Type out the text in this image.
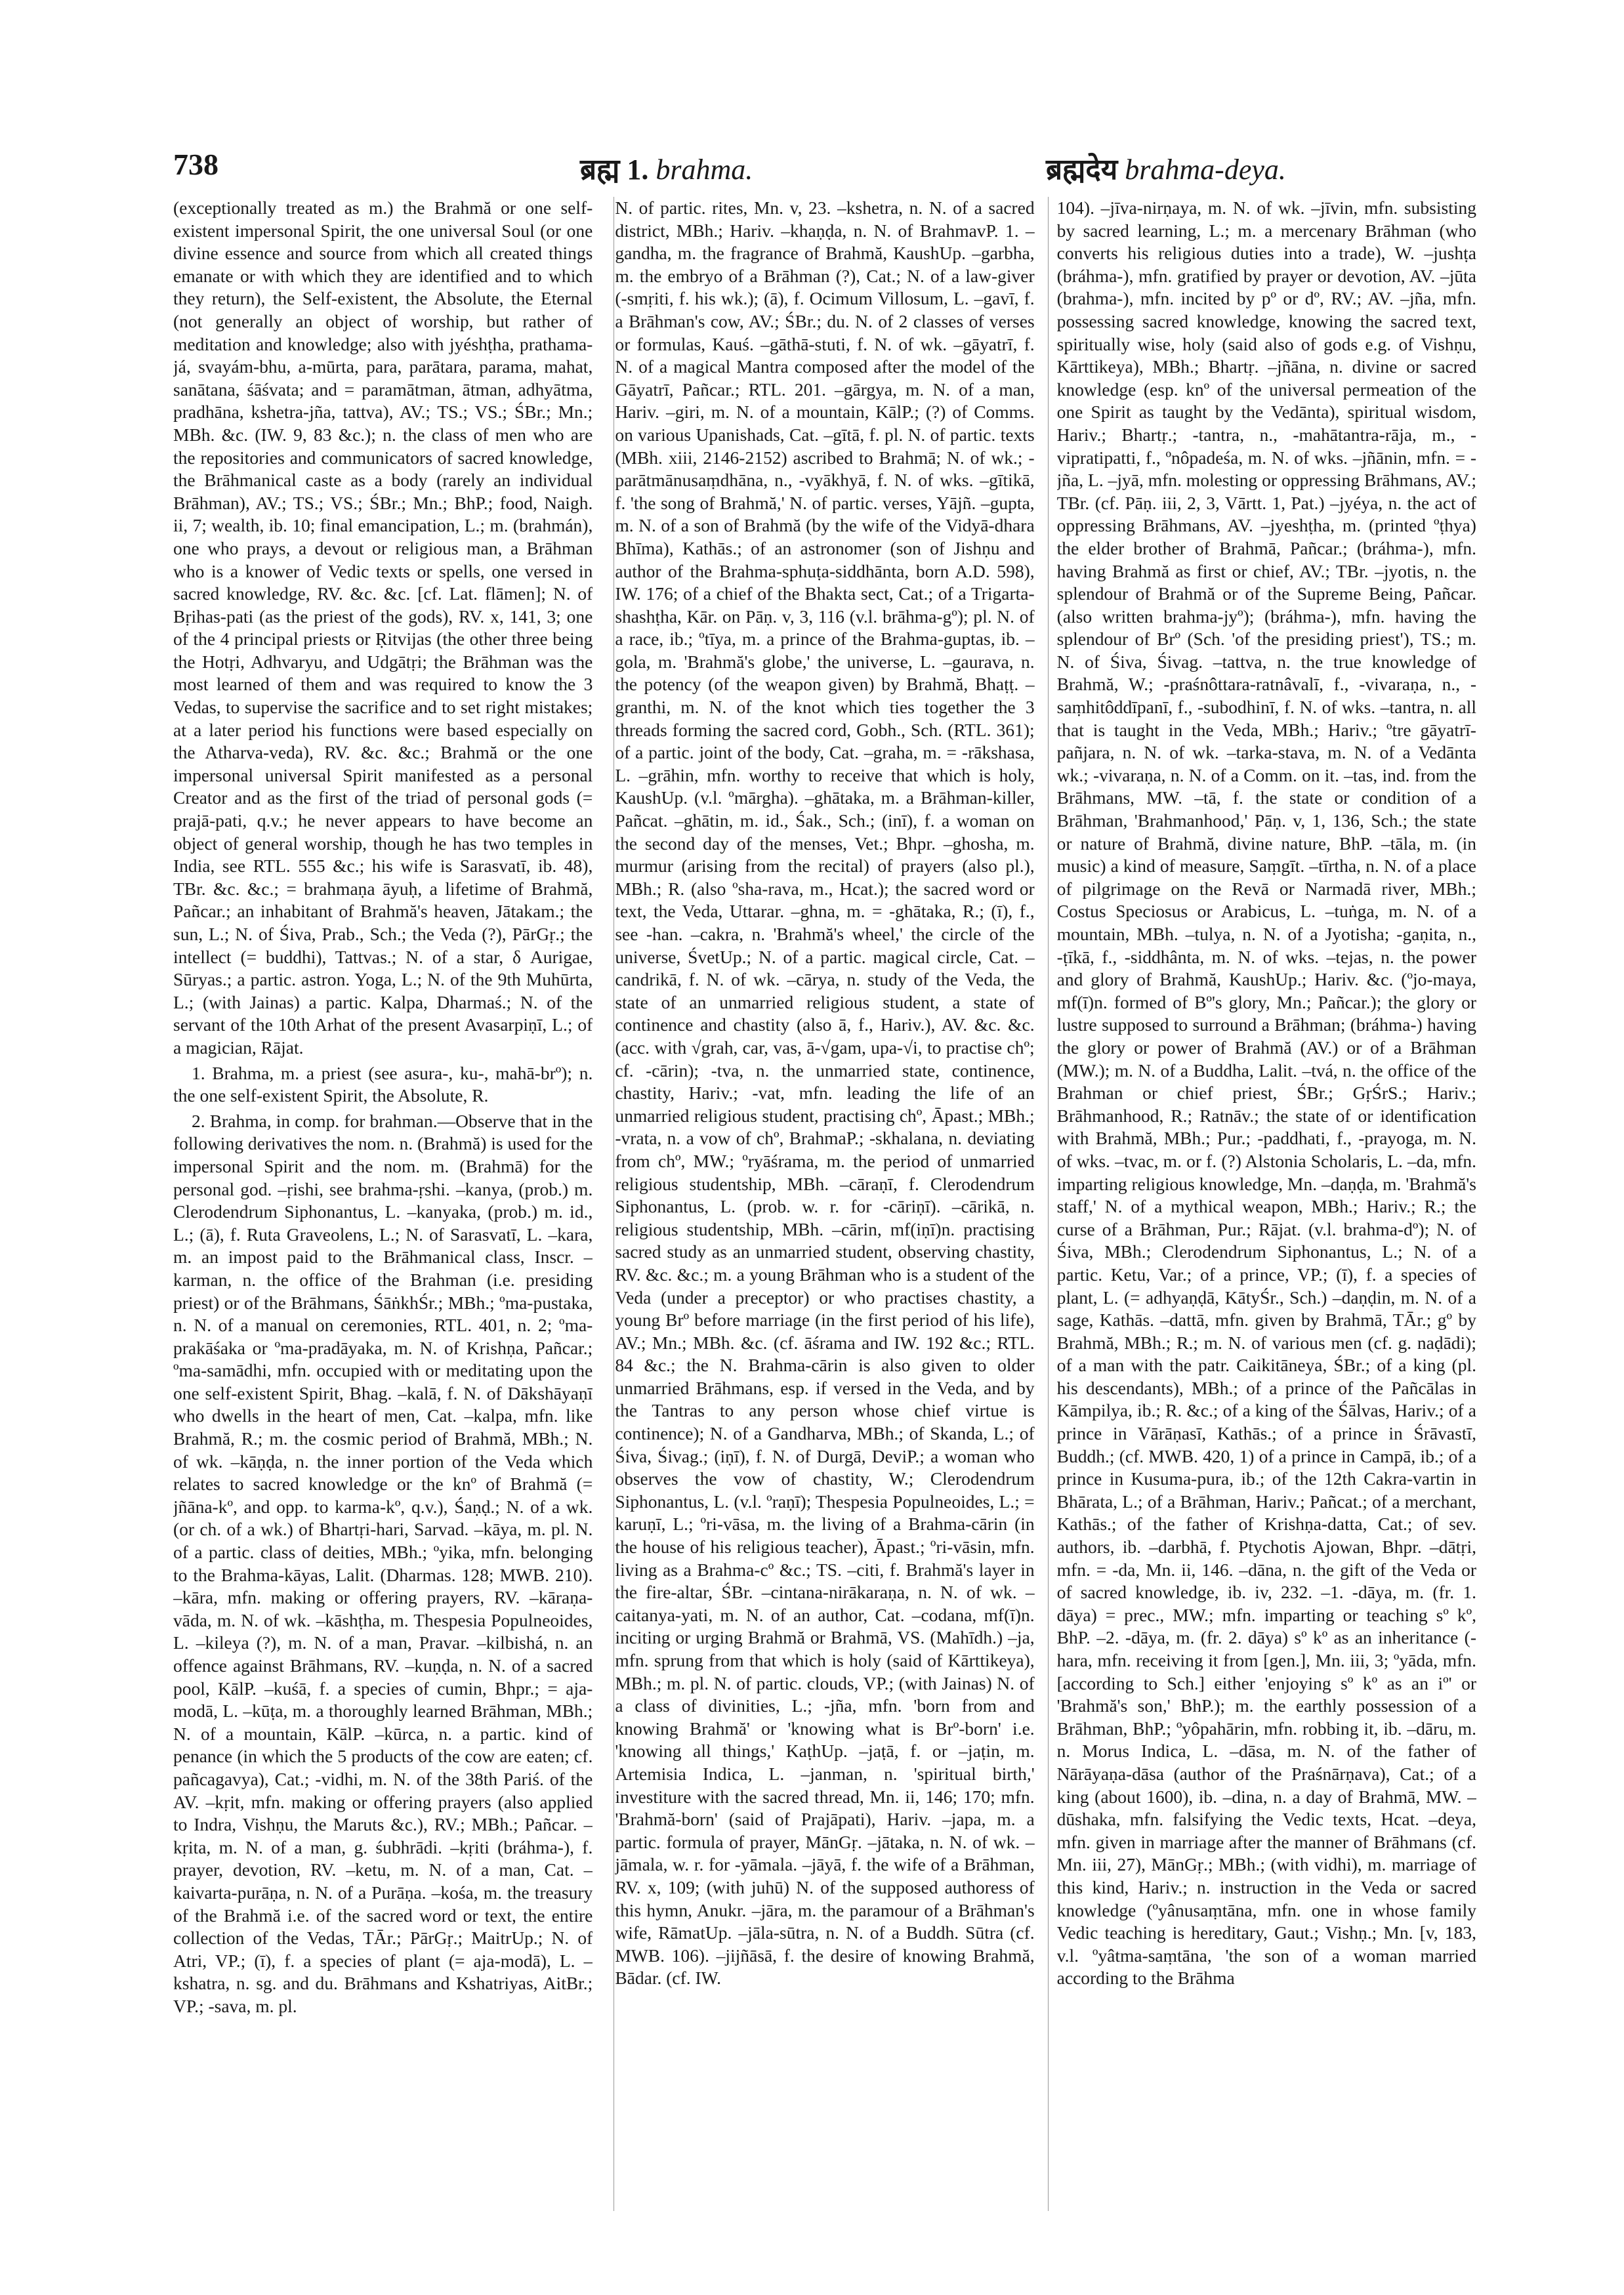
738	ब्रह्म 1. brahma.	ब्रह्मदेय brahma-deya.

(exceptionally treated as m.) the Brahmă or one self-existent impersonal Spirit, the one universal Soul (or one divine essence and source from which all created things emanate or with which they are identified and to which they return), the Self-existent, the Absolute, the Eternal (not generally an object of worship, but rather of meditation and knowledge; also with jyéshṭha, prathama-já, svayám-bhu, a-mūrta, para, parātara, parama, mahat, sanātana, śāśvata; and = paramātman, ātman, adhyātma, pradhāna, kshetra-jña, tattva), AV.; TS.; VS.; ŚBr.; Mn.; MBh. &c. (IW. 9, 83 &c.); n. the class of men who are the repositories and communicators of sacred knowledge, the Brāhmanical caste as a body (rarely an individual Brāhman), AV.; TS.; VS.; ŚBr.; Mn.; BhP.; food, Naigh. ii, 7; wealth, ib. 10; final emancipation, L.; m. (brahmán), one who prays, a devout or religious man, a Brāhman who is a knower of Vedic texts or spells, one versed in sacred knowledge, RV. &c. &c. [cf. Lat. flāmen]; N. of Bṛihas-pati (as the priest of the gods), RV. x, 141, 3; one of the 4 principal priests or Ṛitvijas (the other three being the Hotṛi, Adhvaryu, and Udgātṛi; the Brāhman was the most learned of them and was required to know the 3 Vedas, to supervise the sacrifice and to set right mistakes; at a later period his functions were based especially on the Atharva-veda), RV. &c. &c.; Brahmă or the one impersonal universal Spirit manifested as a personal Creator and as the first of the triad of personal gods (= prajā-pati, q.v.; he never appears to have become an object of general worship, though he has two temples in India, see RTL. 555 &c.; his wife is Sarasvatī, ib. 48), TBr. &c. &c.; = brahmaṇa āyuḥ, a lifetime of Brahmă, Pañcar.; an inhabitant of Brahmă's heaven, Jātakam.; the sun, L.; N. of Śiva, Prab., Sch.; the Veda (?), PārGṛ.; the intellect (= buddhi), Tattvas.; N. of a star, δ Aurigae, Sūryas.; a partic. astron. Yoga, L.; N. of the 9th Muhūrta, L.; (with Jainas) a partic. Kalpa, Dharmaś.; N. of the servant of the 10th Arhat of the present Avasarpiṇī, L.; of a magician, Rājat.

1. Brahma, m. a priest (see asura-, ku-, mahā-brº); n. the one self-existent Spirit, the Absolute, R.

2. Brahma, in comp. for brahman.—Observe that in the following derivatives the nom. n. (Brahmă) is used for the impersonal Spirit and the nom. m. (Brahmā) for the personal god. –ṛishi, see brahma-ṛshi. –kanya, (prob.) m. Clerodendrum Siphonantus, L. –kanyaka, (prob.) m. id., L.; (ā), f. Ruta Graveolens, L.; N. of Sarasvatī, L. –kara, m. an impost paid to the Brāhmanical class, Inscr. –karman, n. the office of the Brahman (i.e. presiding priest) or of the Brāhmans, ŚāṅkhŚr.; MBh.; ºma-pustaka, n. N. of a manual on ceremonies, RTL. 401, n. 2; ºma-prakāśaka or ºma-pradāyaka, m. N. of Krishṇa, Pañcar.; ºma-samādhi, mfn. occupied with or meditating upon the one self-existent Spirit, Bhag. –kalā, f. N. of Dākshāyaṇī who dwells in the heart of men, Cat. –kalpa, mfn. like Brahmă, R.; m. the cosmic period of Brahmă, MBh.; N. of wk. –kāṇḍa, n. the inner portion of the Veda which relates to sacred knowledge or the knº of Brahmă (= jñāna-kº, and opp. to karma-kº, q.v.), Śaṇḍ.; N. of a wk. (or ch. of a wk.) of Bhartṛi-hari, Sarvad. –kāya, m. pl. N. of a partic. class of deities, MBh.; ºyika, mfn. belonging to the Brahma-kāyas, Lalit. (Dharmas. 128; MWB. 210). –kāra, mfn. making or offering prayers, RV. –kāraṇa-vāda, m. N. of wk. –kāshṭha, m. Thespesia Populneoides, L. –kileya (?), m. N. of a man, Pravar. –kilbishá, n. an offence against Brāhmans, RV. –kuṇḍa, n. N. of a sacred pool, KālP. –kuśā, f. a species of cumin, Bhpr.; = aja-modā, L. –kūṭa, m. a thoroughly learned Brāhman, MBh.; N. of a mountain, KālP. –kūrca, n. a partic. kind of penance (in which the 5 products of the cow are eaten; cf. pañcagavya), Cat.; -vidhi, m. N. of the 38th Pariś. of the AV. –kṛit, mfn. making or offering prayers (also applied to Indra, Vishṇu, the Maruts &c.), RV.; MBh.; Pañcar. –kṛita, m. N. of a man, g. śubhrādi. –kṛiti (bráhma-), f. prayer, devotion, RV. –ketu, m. N. of a man, Cat. –kaivarta-purāṇa, n. N. of a Purāṇa. –kośa, m. the treasury of the Brahmă i.e. of the sacred word or text, the entire collection of the Vedas, TĀr.; PārGṛ.; MaitrUp.; N. of Atri, VP.; (ī), f. a species of plant (= aja-modā), L. –kshatra, n. sg. and du. Brāhmans and Kshatriyas, AitBr.; VP.; -sava, m. pl.

N. of partic. rites, Mn. v, 23. –kshetra, n. N. of a sacred district, MBh.; Hariv. –khaṇḍa, n. N. of BrahmavP. 1. –gandha, m. the fragrance of Brahmă, KaushUp. –garbha, m. the embryo of a Brāhman (?), Cat.; N. of a law-giver (-smṛiti, f. his wk.); (ā), f. Ocimum Villosum, L. –gavī, f. a Brāhman's cow, AV.; ŚBr.; du. N. of 2 classes of verses or formulas, Kauś. –gāthā-stuti, f. N. of wk. –gāyatrī, f. N. of a magical Mantra composed after the model of the Gāyatrī, Pañcar.; RTL. 201. –gārgya, m. N. of a man, Hariv. –giri, m. N. of a mountain, KālP.; (?) of Comms. on various Upanishads, Cat. –gītā, f. pl. N. of partic. texts (MBh. xiii, 2146-2152) ascribed to Brahmā; N. of wk.; -parātmānusaṃdhāna, n., -vyākhyā, f. N. of wks. –gītikā, f. 'the song of Brahmă,' N. of partic. verses, Yājñ. –gupta, m. N. of a son of Brahmă (by the wife of the Vidyā-dhara Bhīma), Kathās.; of an astronomer (son of Jishṇu and author of the Brahma-sphuṭa-siddhānta, born A.D. 598), IW. 176; of a chief of the Bhakta sect, Cat.; of a Trigarta-shashṭha, Kār. on Pāṇ. v, 3, 116 (v.l. brāhma-gº); pl. N. of a race, ib.; ºtīya, m. a prince of the Brahma-guptas, ib. –gola, m. 'Brahmă's globe,' the universe, L. –gaurava, n. the potency (of the weapon given) by Brahmă, Bhaṭṭ. –granthi, m. N. of the knot which ties together the 3 threads forming the sacred cord, Gobh., Sch. (RTL. 361); of a partic. joint of the body, Cat. –graha, m. = -rākshasa, L. –grāhin, mfn. worthy to receive that which is holy, KaushUp. (v.l. ºmārgha). –ghātaka, m. a Brāhman-killer, Pañcat. –ghātin, m. id., Śak., Sch.; (inī), f. a woman on the second day of the menses, Vet.; Bhpr. –ghosha, m. murmur (arising from the recital) of prayers (also pl.), MBh.; R. (also ºsha-rava, m., Hcat.); the sacred word or text, the Veda, Uttarar. –ghna, m. = -ghātaka, R.; (ī), f., see -han. –cakra, n. 'Brahmă's wheel,' the circle of the universe, ŚvetUp.; N. of a partic. magical circle, Cat. –candrikā, f. N. of wk. –cārya, n. study of the Veda, the state of an unmarried religious student, a state of continence and chastity (also ā, f., Hariv.), AV. &c. &c. (acc. with √grah, car, vas, ā-√gam, upa-√i, to practise chº; cf. -cārin); -tva, n. the unmarried state, continence, chastity, Hariv.; -vat, mfn. leading the life of an unmarried religious student, practising chº, Āpast.; MBh.; -vrata, n. a vow of chº, BrahmaP.; -skhalana, n. deviating from chº, MW.; ºryāśrama, m. the period of unmarried religious studentship, MBh. –cāraṇī, f. Clerodendrum Siphonantus, L. (prob. w. r. for -cāriṇī). –cārikā, n. religious studentship, MBh. –cārin, mf(iṇī)n. practising sacred study as an unmarried student, observing chastity, RV. &c. &c.; m. a young Brāhman who is a student of the Veda (under a preceptor) or who practises chastity, a young Brº before marriage (in the first period of his life), AV.; Mn.; MBh. &c. (cf. āśrama and IW. 192 &c.; RTL. 84 &c.; the N. Brahma-cārin is also given to older unmarried Brāhmans, esp. if versed in the Veda, and by the Tantras to any person whose chief virtue is continence); N. of a Gandharva, MBh.; of Skanda, L.; of Śiva, Śivag.; (iṇī), f. N. of Durgā, DeviP.; a woman who observes the vow of chastity, W.; Clerodendrum Siphonantus, L. (v.l. ºraṇī); Thespesia Populneoides, L.; = karuṇī, L.; ºri-vāsa, m. the living of a Brahma-cārin (in the house of his religious teacher), Āpast.; ºri-vāsin, mfn. living as a Brahma-cº &c.; TS. –citi, f. Brahmă's layer in the fire-altar, ŚBr. –cintana-nirākaraṇa, n. N. of wk. –caitanya-yati, m. N. of an author, Cat. –codana, mf(ī)n. inciting or urging Brahmă or Brahmā, VS. (Mahīdh.) –ja, mfn. sprung from that which is holy (said of Kārttikeya), MBh.; m. pl. N. of partic. clouds, VP.; (with Jainas) N. of a class of divinities, L.; -jña, mfn. 'born from and knowing Brahmă' or 'knowing what is Brº-born' i.e. 'knowing all things,' KaṭhUp. –jaṭā, f. or –jaṭin, m. Artemisia Indica, L. –janman, n. 'spiritual birth,' investiture with the sacred thread, Mn. ii, 146; 170; mfn. 'Brahmă-born' (said of Prajāpati), Hariv. –japa, m. a partic. formula of prayer, MānGṛ. –jātaka, n. N. of wk. –jāmala, w. r. for -yāmala. –jāyā, f. the wife of a Brāhman, RV. x, 109; (with juhū) N. of the supposed authoress of this hymn, Anukr. –jāra, m. the paramour of a Brāhman's wife, RāmatUp. –jāla-sūtra, n. N. of a Buddh. Sūtra (cf. MWB. 106). –jijñāsā, f. the desire of knowing Brahmă, Bādar. (cf. IW.

104). –jīva-nirṇaya, m. N. of wk. –jīvin, mfn. subsisting by sacred learning, L.; m. a mercenary Brāhman (who converts his religious duties into a trade), W. –jushṭa (bráhma-), mfn. gratified by prayer or devotion, AV. –jūta (brahma-), mfn. incited by pº or dº, RV.; AV. –jña, mfn. possessing sacred knowledge, knowing the sacred text, spiritually wise, holy (said also of gods e.g. of Vishṇu, Kārttikeya), MBh.; Bhartṛ. –jñāna, n. divine or sacred knowledge (esp. knº of the universal permeation of the one Spirit as taught by the Vedānta), spiritual wisdom, Hariv.; Bhartṛ.; -tantra, n., -mahātantra-rāja, m., -vipratipatti, f., ºnôpadeśa, m. N. of wks. –jñānin, mfn. = -jña, L. –jyā, mfn. molesting or oppressing Brāhmans, AV.; TBr. (cf. Pāṇ. iii, 2, 3, Vārtt. 1, Pat.) –jyéya, n. the act of oppressing Brāhmans, AV. –jyeshṭha, m. (printed ºṭhya) the elder brother of Brahmā, Pañcar.; (bráhma-), mfn. having Brahmă as first or chief, AV.; TBr. –jyotis, n. the splendour of Brahmă or of the Supreme Being, Pañcar. (also written brahma-jyº); (bráhma-), mfn. having the splendour of Brº (Sch. 'of the presiding priest'), TS.; m. N. of Śiva, Śivag. –tattva, n. the true knowledge of Brahmă, W.; -praśnôttara-ratnâvalī, f., -vivaraṇa, n., -saṃhitôddīpanī, f., -subodhinī, f. N. of wks. –tantra, n. all that is taught in the Veda, MBh.; Hariv.; ºtre gāyatrī-pañjara, n. N. of wk. –tarka-stava, m. N. of a Vedānta wk.; -vivaraṇa, n. N. of a Comm. on it. –tas, ind. from the Brāhmans, MW. –tā, f. the state or condition of a Brāhman, 'Brahmanhood,' Pāṇ. v, 1, 136, Sch.; the state or nature of Brahmă, divine nature, BhP. –tāla, m. (in music) a kind of measure, Saṃgīt. –tīrtha, n. N. of a place of pilgrimage on the Revā or Narmadā river, MBh.; Costus Speciosus or Arabicus, L. –tuṅga, m. N. of a mountain, MBh. –tulya, n. N. of a Jyotisha; -gaṇita, n., -ṭīkā, f., -siddhânta, m. N. of wks. –tejas, n. the power and glory of Brahmă, KaushUp.; Hariv. &c. (ºjo-maya, mf(ī)n. formed of Bº's glory, Mn.; Pañcar.); the glory or lustre supposed to surround a Brāhman; (bráhma-) having the glory or power of Brahmă (AV.) or of a Brāhman (MW.); m. N. of a Buddha, Lalit. –tvá, n. the office of the Brahman or chief priest, ŚBr.; GṛŚrS.; Hariv.; Brāhmanhood, R.; Ratnāv.; the state of or identification with Brahmă, MBh.; Pur.; -paddhati, f., -prayoga, m. N. of wks. –tvac, m. or f. (?) Alstonia Scholaris, L. –da, mfn. imparting religious knowledge, Mn. –daṇḍa, m. 'Brahmă's staff,' N. of a mythical weapon, MBh.; Hariv.; R.; the curse of a Brāhman, Pur.; Rājat. (v.l. brahma-dº); N. of Śiva, MBh.; Clerodendrum Siphonantus, L.; N. of a partic. Ketu, Var.; of a prince, VP.; (ī), f. a species of plant, L. (= adhyaṇḍā, KātyŚr., Sch.) –daṇḍin, m. N. of a sage, Kathās. –dattā, mfn. given by Brahmā, TĀr.; gº by Brahmă, MBh.; R.; m. N. of various men (cf. g. naḍādi); of a man with the patr. Caikitāneya, ŚBr.; of a king (pl. his descendants), MBh.; of a prince of the Pañcālas in Kāmpilya, ib.; R. &c.; of a king of the Śālvas, Hariv.; of a prince in Vārāṇasī, Kathās.; of a prince in Śrāvastī, Buddh.; (cf. MWB. 420, 1) of a prince in Campā, ib.; of a prince in Kusuma-pura, ib.; of the 12th Cakra-vartin in Bhārata, L.; of a Brāhman, Hariv.; Pañcat.; of a merchant, Kathās.; of the father of Krishṇa-datta, Cat.; of sev. authors, ib. –darbhā, f. Ptychotis Ajowan, Bhpr. –dātṛi, mfn. = -da, Mn. ii, 146. –dāna, n. the gift of the Veda or of sacred knowledge, ib. iv, 232. –1. -dāya, m. (fr. 1. dāya) = prec., MW.; mfn. imparting or teaching sº kº, BhP. –2. -dāya, m. (fr. 2. dāya) sº kº as an inheritance (-hara, mfn. receiving it from [gen.], Mn. iii, 3; ºyāda, mfn. [according to Sch.] either 'enjoying sº kº as an iº' or 'Brahmă's son,' BhP.); m. the earthly possession of a Brāhman, BhP.; ºyôpahārin, mfn. robbing it, ib. –dāru, m. n. Morus Indica, L. –dāsa, m. N. of the father of Nārāyaṇa-dāsa (author of the Praśnārṇava), Cat.; of a king (about 1600), ib. –dina, n. a day of Brahmā, MW. –dūshaka, mfn. falsifying the Vedic texts, Hcat. –deya, mfn. given in marriage after the manner of Brāhmans (cf. Mn. iii, 27), MānGṛ.; MBh.; (with vidhi), m. marriage of this kind, Hariv.; n. instruction in the Veda or sacred knowledge (ºyânusaṃtāna, mfn. one in whose family Vedic teaching is hereditary, Gaut.; Vishṇ.; Mn. [v, 183, v.l. ºyâtma-saṃtāna, 'the son of a woman married according to the Brāhma
